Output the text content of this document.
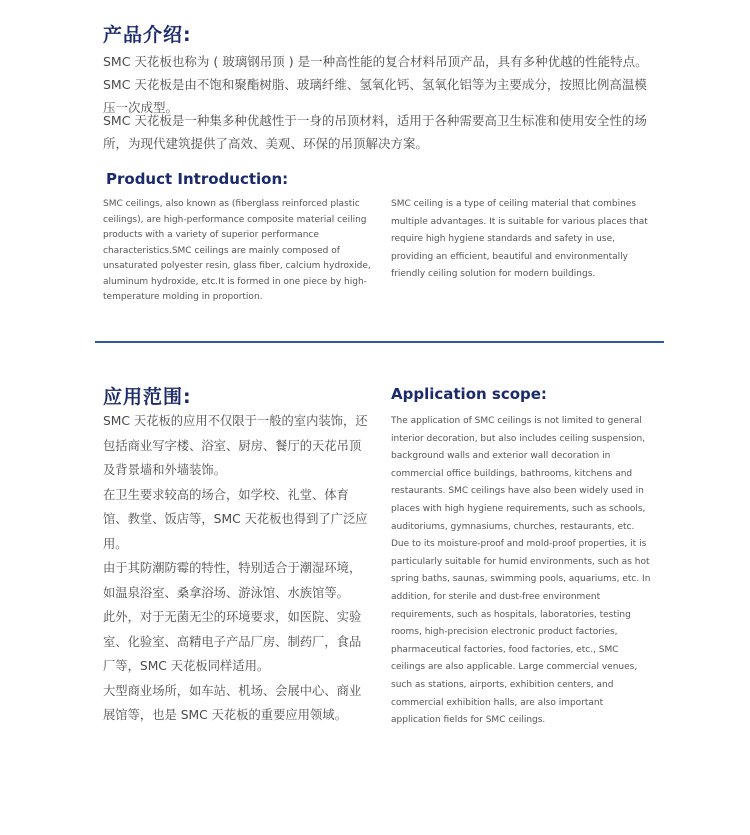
产品介绍:
SMC 天花板也称为 ( 玻璃钢吊顶 ) 是一种高性能的复合材料吊顶产品，具有多种优越的性能特点。SMC 天花板是由不饱和聚酯树脂、玻璃纤维、氢氧化钙、氢氧化铝等为主要成分，按照比例高温模压一次成型。
SMC 天花板是一种集多种优越性于一身的吊顶材料，适用于各种需要高卫生标准和使用安全性的场所，为现代建筑提供了高效、美观、环保的吊顶解决方案。
Product Introduction:
SMC ceilings, also known as (fiberglass reinforced plastic ceilings), are high-performance composite material ceiling products with a variety of superior performance characteristics.SMC ceilings are mainly composed of unsaturated polyester resin, glass fiber, calcium hydroxide, aluminum hydroxide, etc.It is formed in one piece by high-temperature molding in proportion.
SMC ceiling is a type of ceiling material that combines multiple advantages. It is suitable for various places that require high hygiene standards and safety in use, providing an efficient, beautiful and environmentally friendly ceiling solution for modern buildings.
应用范围:

SMC 天花板的应用不仅限于一般的室内装饰，还包括商业写字楼、浴室、厨房、餐厅的天花吊顶及背景墙和外墙装饰。

在卫生要求较高的场合，如学校、礼堂、体育馆、教堂、饭店等，SMC 天花板也得到了广泛应用。

由于其防潮防霉的特性，特别适合于潮湿环境，如温泉浴室、桑拿浴场、游泳馆、水族馆等。

此外，对于无菌无尘的环境要求，如医院、实验室、化验室、高精电子产品厂房、制药厂，食品厂等，SMC 天花板同样适用。

大型商业场所，如车站、机场、会展中心、商业展馆等，也是 SMC 天花板的重要应用领域。

Application scope:
The application of SMC ceilings is not limited to general interior decoration, but also includes ceiling suspension, background walls and exterior wall decoration in commercial office buildings, bathrooms, kitchens and restaurants. SMC ceilings have also been widely used in places with high hygiene requirements, such as schools, auditoriums, gymnasiums, churches, restaurants, etc. Due to its moisture-proof and mold-proof properties, it is particularly suitable for humid environments, such as hot spring baths, saunas, swimming pools, aquariums, etc. In addition, for sterile and dust-free environment requirements, such as hospitals, laboratories, testing rooms, high-precision electronic product factories, pharmaceutical factories, food factories, etc., SMC ceilings are also applicable. Large commercial venues, such as stations, airports, exhibition centers, and commercial exhibition halls, are also important application fields for SMC ceilings.
